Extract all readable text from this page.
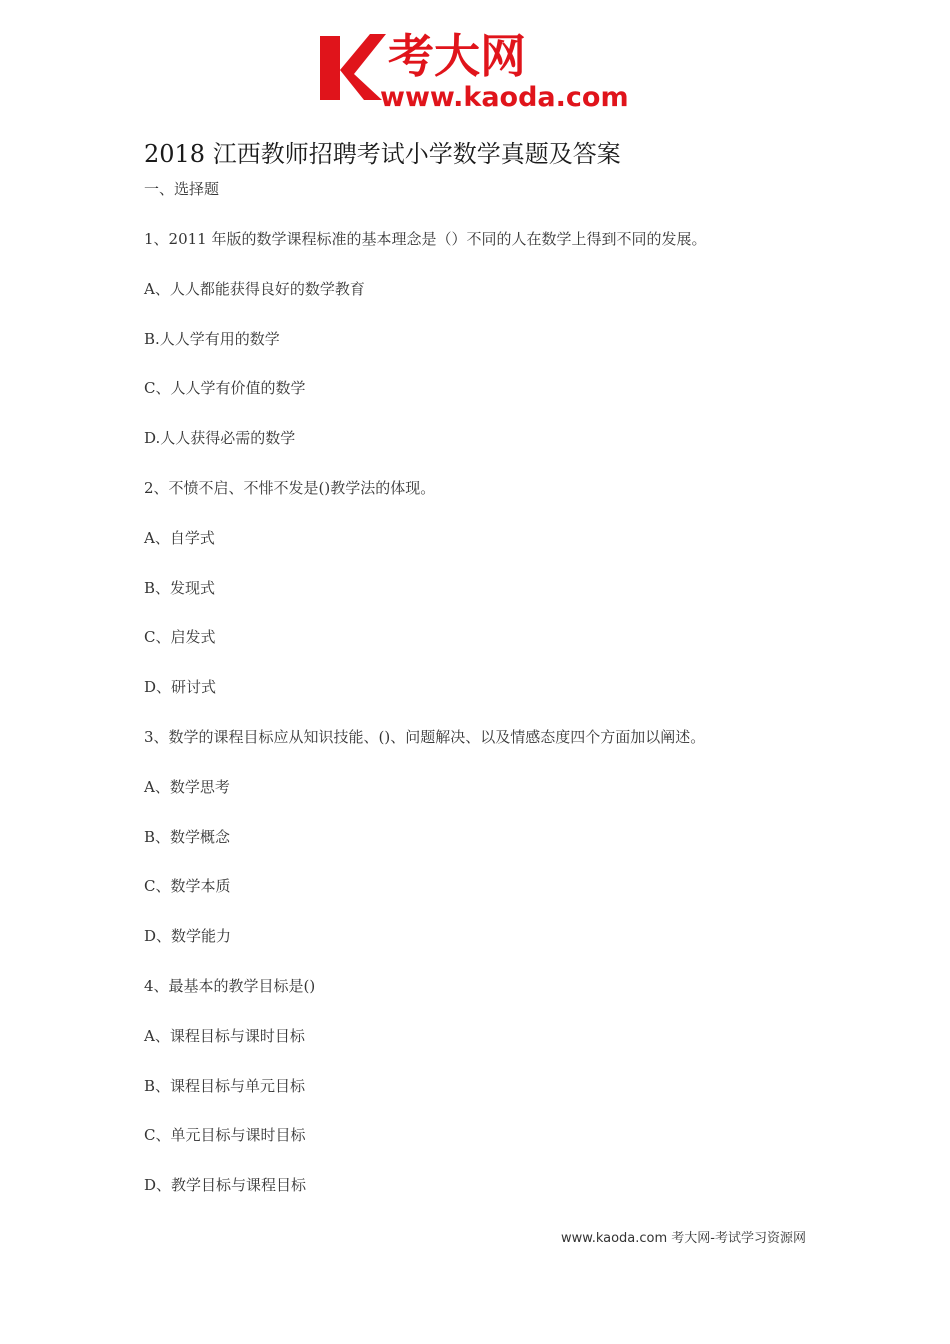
考大网
www.kaoda.com
2018 江西教师招聘考试小学数学真题及答案
一、选择题
1、2011 年版的数学课程标准的基本理念是（）不同的人在数学上得到不同的发展。
A、人人都能获得良好的数学教育
B.人人学有用的数学
C、人人学有价值的数学
D.人人获得必需的数学
2、不愤不启、不悱不发是()教学法的体现。
A、自学式
B、发现式
C、启发式
D、研讨式
3、数学的课程目标应从知识技能、()、问题解决、以及情感态度四个方面加以阐述。
A、数学思考
B、数学概念
C、数学本质
D、数学能力
4、最基本的教学目标是()
A、课程目标与课时目标
B、课程目标与单元目标
C、单元目标与课时目标
D、教学目标与课程目标
www.kaoda.com 考大网-考试学习资源网
